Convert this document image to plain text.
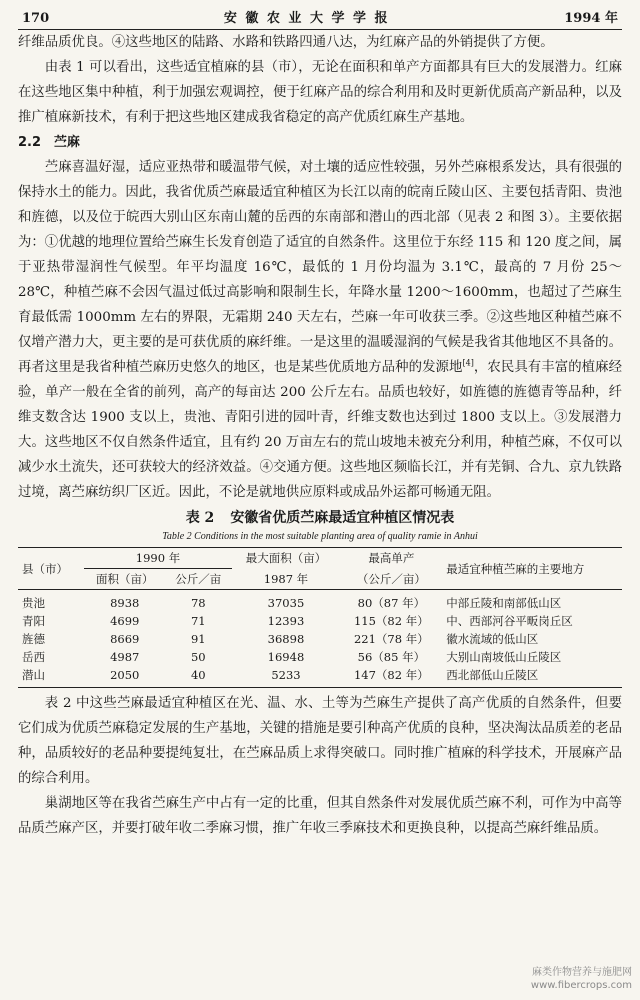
170	安 徽 农 业 大 学 学 报	1994 年

纤维品质优良。④这些地区的陆路、水路和铁路四通八达，为红麻产品的外销提供了方便。

由表 1 可以看出，这些适宜植麻的县（市），无论在面积和单产方面都具有巨大的发展潜力。红麻在这些地区集中种植，利于加强宏观调控，便于红麻产品的综合利用和及时更新优质高产新品种，以及推广植麻新技术，有利于把这些地区建成我省稳定的高产优质红麻生产基地。

2.2 苎麻

苎麻喜温好湿，适应亚热带和暖温带气候，对土壤的适应性较强，另外苎麻根系发达，具有很强的保持水土的能力。因此，我省优质苎麻最适宜种植区为长江以南的皖南丘陵山区、主要包括青阳、贵池和旌德，以及位于皖西大别山区东南山麓的岳西的东南部和潜山的西北部（见表 2 和图 3）。主要依据为：①优越的地理位置给苎麻生长发育创造了适宜的自然条件。这里位于东经 115 和 120 度之间，属于亚热带湿润性气候型。年平均温度 16℃，最低的 1 月份均温为 3.1℃，最高的 7 月份 25～28℃，种植苎麻不会因气温过低过高影响和限制生长，年降水量 1200～1600mm，也超过了苎麻生育最低需 1000mm 左右的界限，无霜期 240 天左右，苎麻一年可收获三季。②这些地区种植苎麻不仅增产潜力大，更主要的是可获优质的麻纤维。一是这里的温暖湿润的气候是我省其他地区不具备的。再者这里是我省种植苎麻历史悠久的地区，也是某些优质地方品种的发源地[4]，农民具有丰富的植麻经验，单产一般在全省的前列，高产的每亩达 200 公斤左右。品质也较好，如旌德的旌德青等品种，纤维支数含达 1900 支以上，贵池、青阳引进的园叶青，纤维支数也达到过 1800 支以上。③发展潜力大。这些地区不仅自然条件适宜，且有约 20 万亩左右的荒山坡地未被充分利用，种植苎麻，不仅可以减少水土流失，还可获较大的经济效益。④交通方便。这些地区频临长江，并有芜铜、合九、京九铁路过境，离苎麻纺织厂区近。因此，不论是就地供应原料或成品外运都可畅通无阻。

表 2 安徽省优质苎麻最适宜种植区情况表
Table 2 Conditions in the most suitable planting area of quality ramie in Anhui
县（市）	1990 年		最大面积（亩）	最高单产	最适宜种植苎麻的主要地方
	面积（亩）	公斤／亩	1987 年	（公斤／亩）	
贵池	8938	78	37035	80（87 年）	中部丘陵和南部低山区
青阳	4699	71	12393	115（82 年）	中、西部河谷平畈岗丘区
旌德	8669	91	36898	221（78 年）	徽水流域的低山区
岳西	4987	50	16948	56（85 年）	大别山南坡低山丘陵区
潜山	2050	40	5233	147（82 年）	西北部低山丘陵区

表 2 中这些苎麻最适宜种植区在光、温、水、土等为苎麻生产提供了高产优质的自然条件，但要它们成为优质苎麻稳定发展的生产基地，关键的措施是要引种高产优质的良种，坚决淘汰品质差的老品种，品质较好的老品种要提纯复壮，在苎麻品质上求得突破口。同时推广植麻的科学技术，开展麻产品的综合利用。

巢湖地区等在我省苎麻生产中占有一定的比重，但其自然条件对发展优质苎麻不利，可作为中高等品质苎麻产区，并要打破年收二季麻习惯，推广年收三季麻技术和更换良种，以提高苎麻纤维品质。

麻类作物营养与施肥网
www.fibercrops.com
